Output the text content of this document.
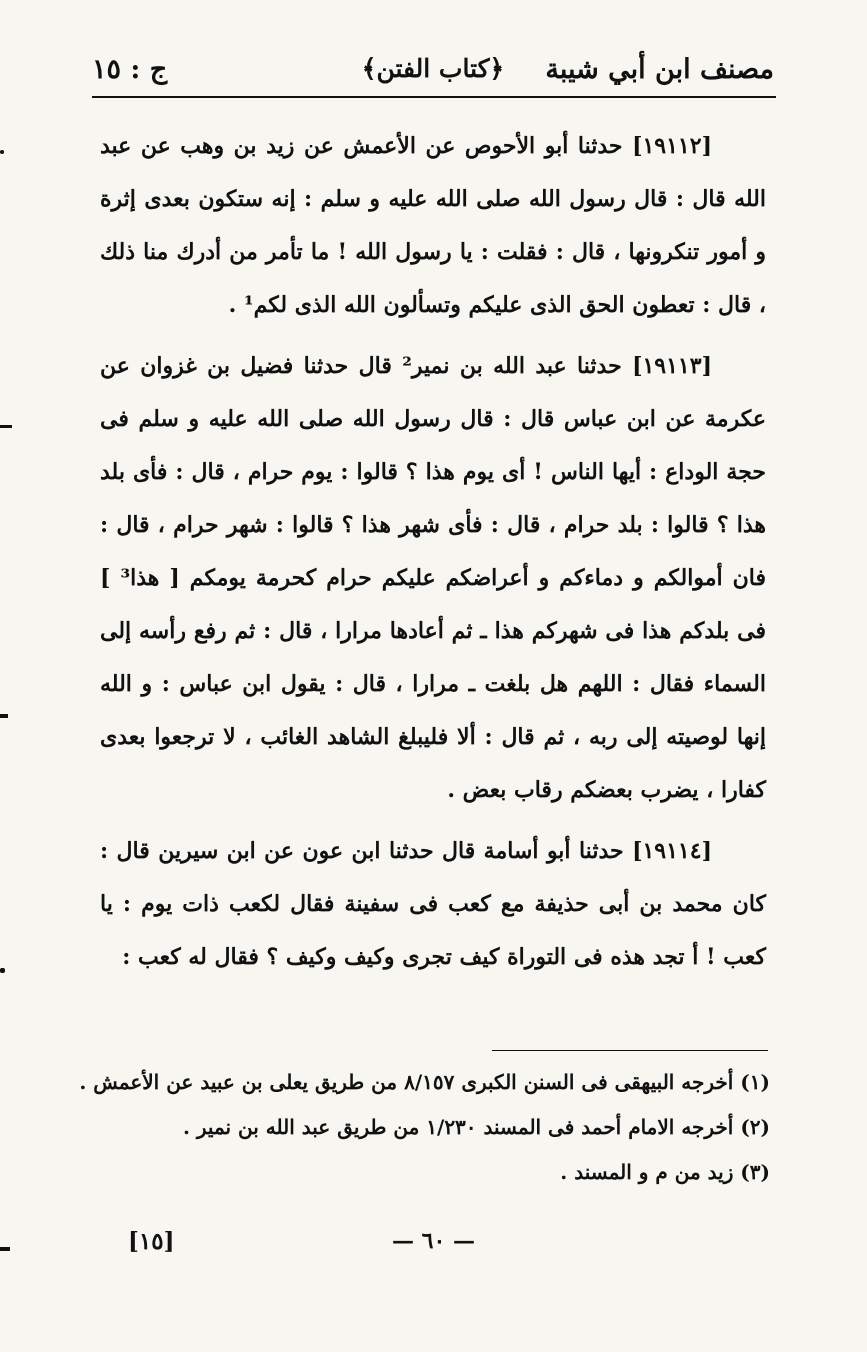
مصنف ابن أبي شيبة
﴿كتاب الفتن﴾
ج : ١٥

[١٩١١٢] حدثنا أبو الأحوص عن الأعمش عن زيد بن وهب عن عبد الله قال : قال رسول الله صلى الله عليه و سلم : إنه ستكون بعدى إثرة و أمور تنكرونها ، قال : فقلت : يا رسول الله ! ما تأمر من أدرك منا ذلك ، قال : تعطون الحق الذى عليكم وتسألون الله الذى لكم¹ .

[١٩١١٣] حدثنا عبد الله بن نمير² قال حدثنا فضيل بن غزوان عن عكرمة عن ابن عباس قال : قال رسول الله صلى الله عليه و سلم فى حجة الوداع : أيها الناس ! أى يوم هذا ؟ قالوا : يوم حرام ، قال : فأى بلد هذا ؟ قالوا : بلد حرام ، قال : فأى شهر هذا ؟ قالوا : شهر حرام ، قال : فان أموالكم و دماءكم و أعراضكم عليكم حرام كحرمة يومكم [ هذا³ ] فى بلدكم هذا فى شهركم هذا ـ ثم أعادها مرارا ، قال : ثم رفع رأسه إلى السماء فقال : اللهم هل بلغت ـ مرارا ، قال : يقول ابن عباس : و الله إنها لوصيته إلى ربه ، ثم قال : ألا فليبلغ الشاهد الغائب ، لا ترجعوا بعدى كفارا ، يضرب بعضكم رقاب بعض .

[١٩١١٤] حدثنا أبو أسامة قال حدثنا ابن عون عن ابن سيرين قال : كان محمد بن أبى حذيفة مع كعب فى سفينة فقال لكعب ذات يوم : يا كعب ! أ تجد هذه فى التوراة كيف تجرى وكيف وكيف ؟ فقال له كعب :

(١) أخرجه البيهقى فى السنن الكبرى ٨/١٥٧ من طريق يعلى بن عبيد عن الأعمش .
(٢) أخرجه الامام أحمد فى المسند ١/٢٣٠ من طريق عبد الله بن نمير .
(٣) زيد من م و المسند .
— ٦٠ —
[١٥]
